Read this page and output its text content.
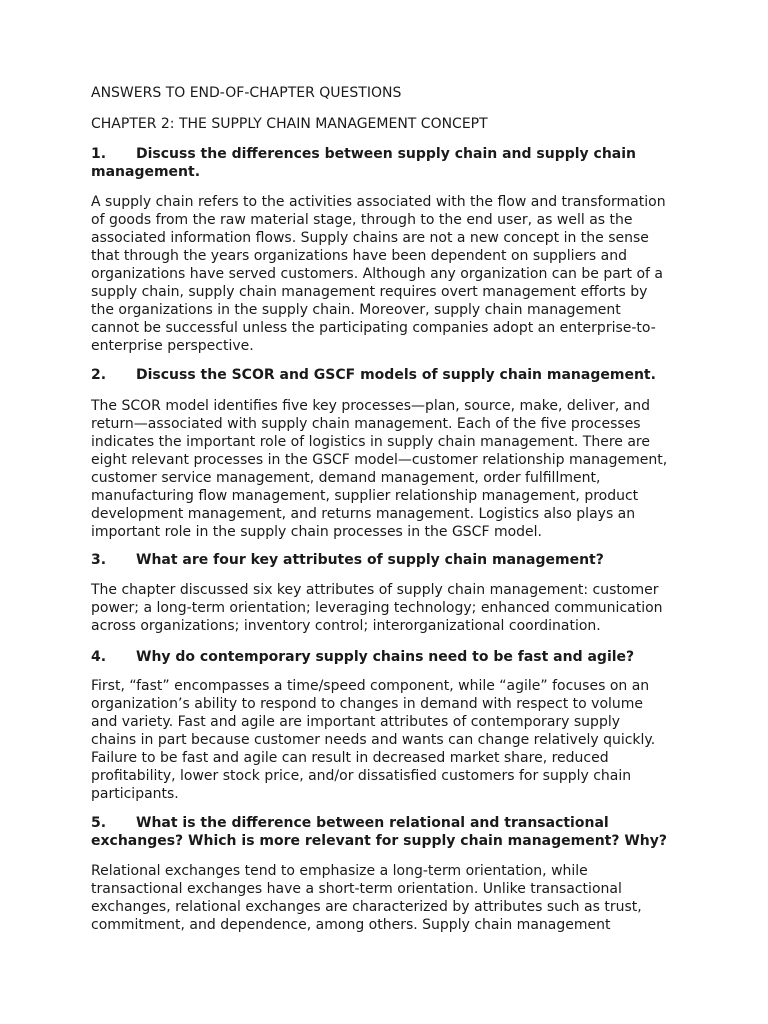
ANSWERS TO END-OF-CHAPTER QUESTIONS
CHAPTER 2: THE SUPPLY CHAIN MANAGEMENT CONCEPT
1. Discuss the differences between supply chain and supply chain management.
A supply chain refers to the activities associated with the flow and transformation
of goods from the raw material stage, through to the end user, as well as the
associated information flows. Supply chains are not a new concept in the sense
that through the years organizations have been dependent on suppliers and
organizations have served customers. Although any organization can be part of a
supply chain, supply chain management requires overt management efforts by
the organizations in the supply chain. Moreover, supply chain management
cannot be successful unless the participating companies adopt an enterprise-to-
enterprise perspective.
2. Discuss the SCOR and GSCF models of supply chain management.
The SCOR model identifies five key processes—plan, source, make, deliver, and
return—associated with supply chain management. Each of the five processes
indicates the important role of logistics in supply chain management. There are
eight relevant processes in the GSCF model—customer relationship management,
customer service management, demand management, order fulfillment,
manufacturing flow management, supplier relationship management, product
development management, and returns management. Logistics also plays an
important role in the supply chain processes in the GSCF model.
3. What are four key attributes of supply chain management?
The chapter discussed six key attributes of supply chain management: customer
power; a long-term orientation; leveraging technology; enhanced communication
across organizations; inventory control; interorganizational coordination.
4. Why do contemporary supply chains need to be fast and agile?
First, “fast” encompasses a time/speed component, while “agile” focuses on an
organization’s ability to respond to changes in demand with respect to volume
and variety. Fast and agile are important attributes of contemporary supply
chains in part because customer needs and wants can change relatively quickly.
Failure to be fast and agile can result in decreased market share, reduced
profitability, lower stock price, and/or dissatisfied customers for supply chain
participants.
5. What is the difference between relational and transactional exchanges? Which is more relevant for supply chain management? Why?
Relational exchanges tend to emphasize a long-term orientation, while
transactional exchanges have a short-term orientation. Unlike transactional
exchanges, relational exchanges are characterized by attributes such as trust,
commitment, and dependence, among others. Supply chain management
